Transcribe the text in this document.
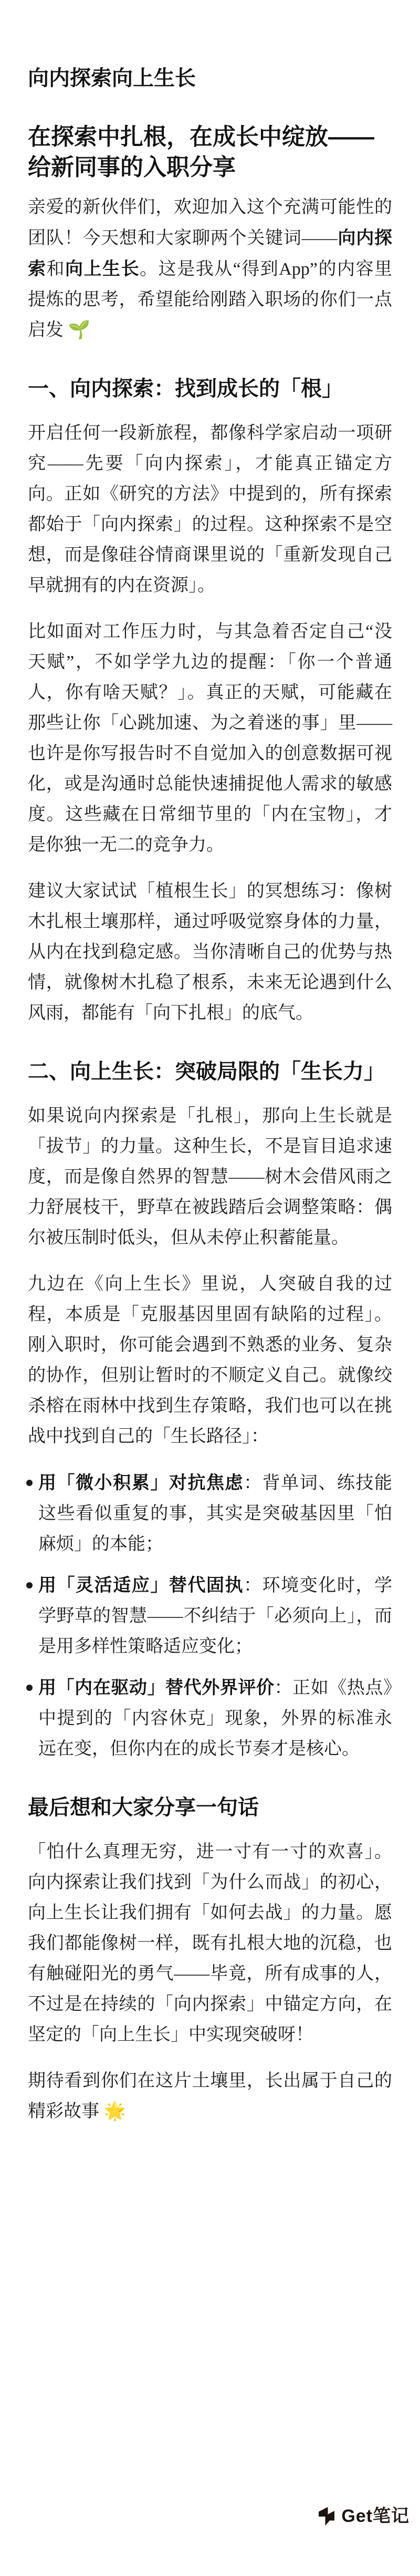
向内探索向上生长
在探索中扎根，在成长中绽放——给新同事的入职分享

亲爱的新伙伴们，欢迎加入这个充满可能性的团队！今天想和大家聊两个关键词——向内探索和向上生长。这是我从“得到App”的内容里提炼的思考，希望能给刚踏入职场的你们一点启发 🌱

一、向内探索：找到成长的「根」

开启任何一段新旅程，都像科学家启动一项研究——先要「向内探索」，才能真正锚定方向。正如《研究的方法》中提到的，所有探索都始于「向内探索」的过程。这种探索不是空想，而是像硅谷情商课里说的「重新发现自己早就拥有的内在资源」。

比如面对工作压力时，与其急着否定自己“没天赋”，不如学学九边的提醒：「你一个普通人，你有啥天赋？」。真正的天赋，可能藏在那些让你「心跳加速、为之着迷的事」里——也许是你写报告时不自觉加入的创意数据可视化，或是沟通时总能快速捕捉他人需求的敏感度。这些藏在日常细节里的「内在宝物」，才是你独一无二的竞争力。

建议大家试试「植根生长」的冥想练习：像树木扎根土壤那样，通过呼吸觉察身体的力量，从内在找到稳定感。当你清晰自己的优势与热情，就像树木扎稳了根系，未来无论遇到什么风雨，都能有「向下扎根」的底气。

二、向上生长：突破局限的「生长力」

如果说向内探索是「扎根」，那向上生长就是「拔节」的力量。这种生长，不是盲目追求速度，而是像自然界的智慧——树木会借风雨之力舒展枝干，野草在被践踏后会调整策略：偶尔被压制时低头，但从未停止积蓄能量。

九边在《向上生长》里说，人突破自我的过程，本质是「克服基因里固有缺陷的过程」。刚入职时，你可能会遇到不熟悉的业务、复杂的协作，但别让暂时的不顺定义自己。就像绞杀榕在雨林中找到生存策略，我们也可以在挑战中找到自己的「生长路径」：

用「微小积累」对抗焦虑：背单词、练技能这些看似重复的事，其实是突破基因里「怕麻烦」的本能；
用「灵活适应」替代固执：环境变化时，学学野草的智慧——不纠结于「必须向上」，而是用多样性策略适应变化；
用「内在驱动」替代外界评价：正如《热点》中提到的「内容休克」现象，外界的标准永远在变，但你内在的成长节奏才是核心。
最后想和大家分享一句话

「怕什么真理无穷，进一寸有一寸的欢喜」。向内探索让我们找到「为什么而战」的初心，向上生长让我们拥有「如何去战」的力量。愿我们都能像树一样，既有扎根大地的沉稳，也有触碰阳光的勇气——毕竟，所有成事的人，不过是在持续的「向内探索」中锚定方向，在坚定的「向上生长」中实现突破呀！

期待看到你们在这片土壤里，长出属于自己的精彩故事 🌟

Get笔记
